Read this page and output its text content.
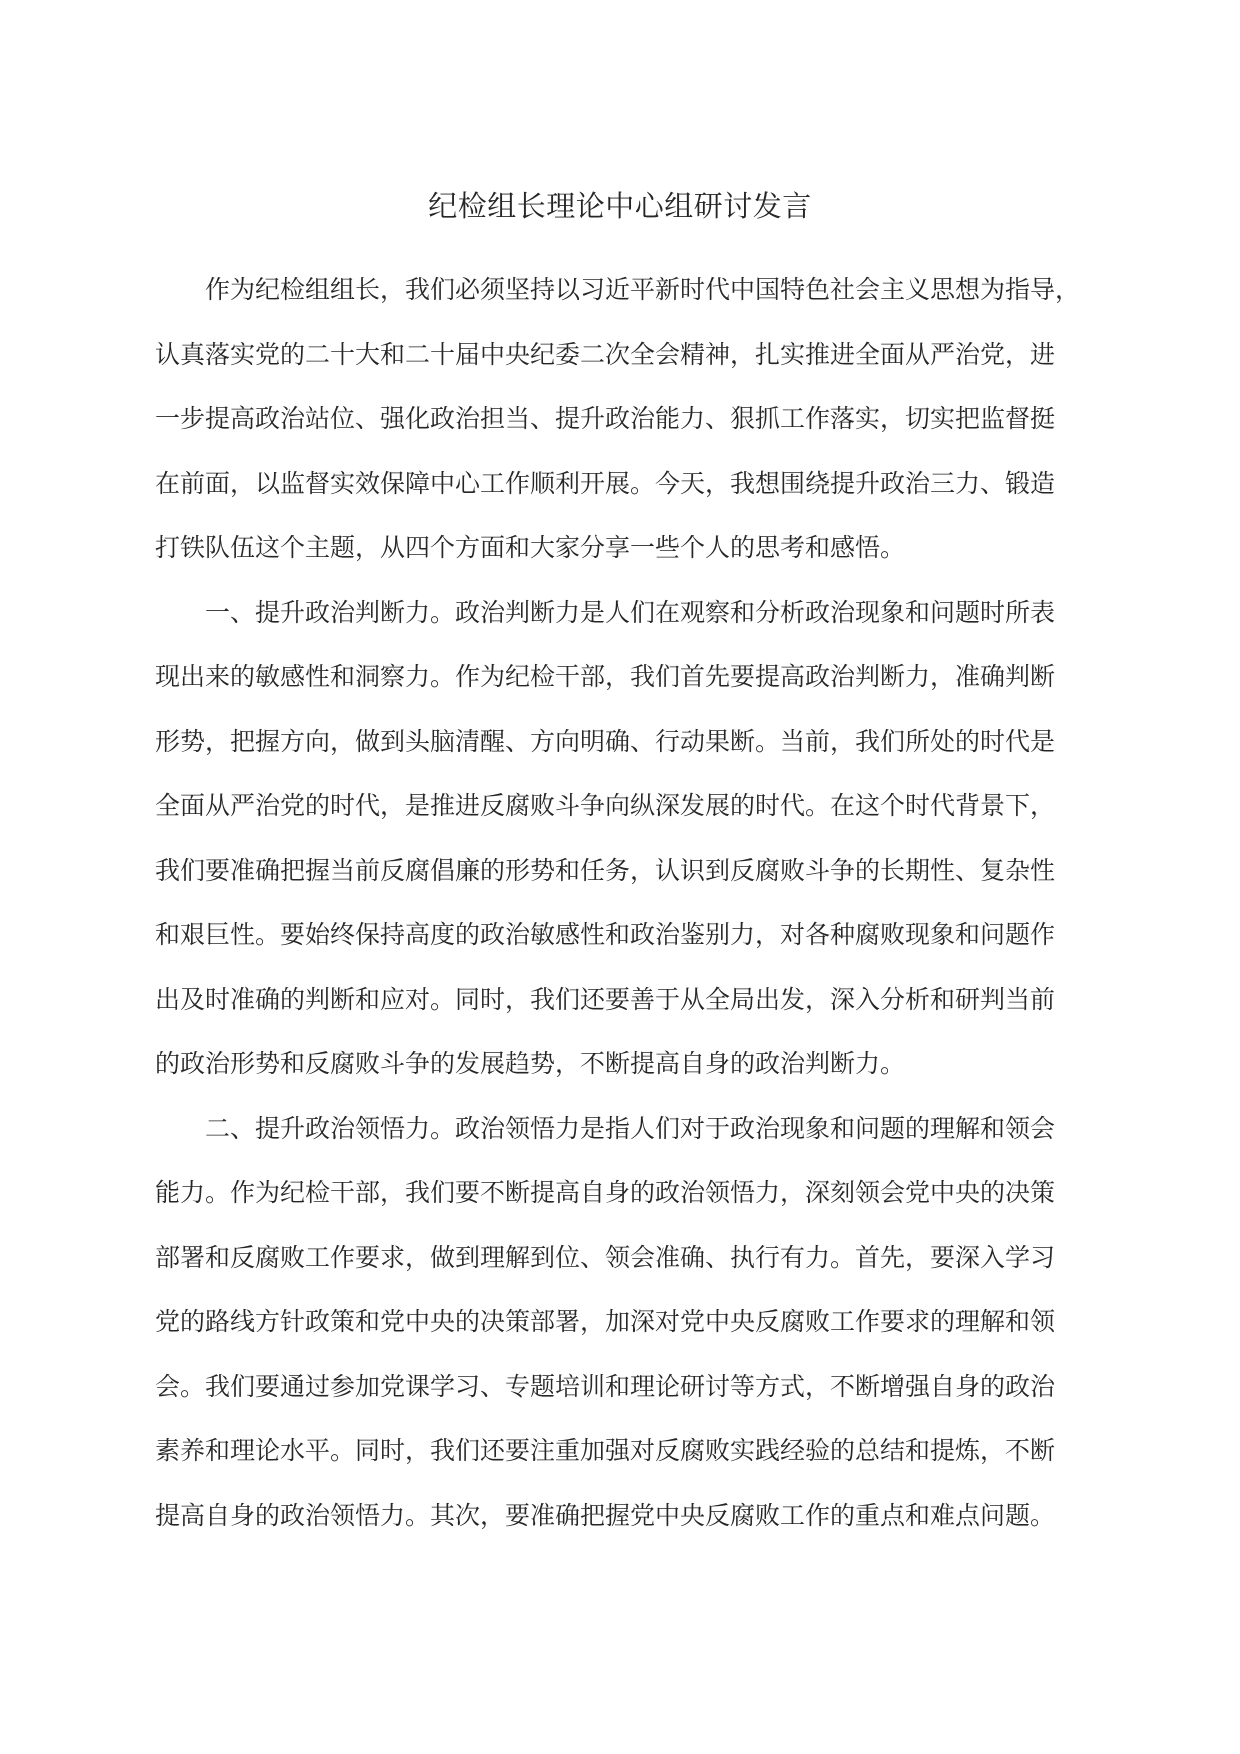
纪检组长理论中心组研讨发言
作为纪检组组长，我们必须坚持以习近平新时代中国特色社会主义思想为指导，
认真落实党的二十大和二十届中央纪委二次全会精神，扎实推进全面从严治党，进
一步提高政治站位、强化政治担当、提升政治能力、狠抓工作落实，切实把监督挺
在前面，以监督实效保障中心工作顺利开展。今天，我想围绕提升政治三力、锻造
打铁队伍这个主题，从四个方面和大家分享一些个人的思考和感悟。
一、提升政治判断力。政治判断力是人们在观察和分析政治现象和问题时所表
现出来的敏感性和洞察力。作为纪检干部，我们首先要提高政治判断力，准确判断
形势，把握方向，做到头脑清醒、方向明确、行动果断。当前，我们所处的时代是
全面从严治党的时代，是推进反腐败斗争向纵深发展的时代。在这个时代背景下，
我们要准确把握当前反腐倡廉的形势和任务，认识到反腐败斗争的长期性、复杂性
和艰巨性。要始终保持高度的政治敏感性和政治鉴别力，对各种腐败现象和问题作
出及时准确的判断和应对。同时，我们还要善于从全局出发，深入分析和研判当前
的政治形势和反腐败斗争的发展趋势，不断提高自身的政治判断力。
二、提升政治领悟力。政治领悟力是指人们对于政治现象和问题的理解和领会
能力。作为纪检干部，我们要不断提高自身的政治领悟力，深刻领会党中央的决策
部署和反腐败工作要求，做到理解到位、领会准确、执行有力。首先，要深入学习
党的路线方针政策和党中央的决策部署，加深对党中央反腐败工作要求的理解和领
会。我们要通过参加党课学习、专题培训和理论研讨等方式，不断增强自身的政治
素养和理论水平。同时，我们还要注重加强对反腐败实践经验的总结和提炼，不断
提高自身的政治领悟力。其次，要准确把握党中央反腐败工作的重点和难点问题。
